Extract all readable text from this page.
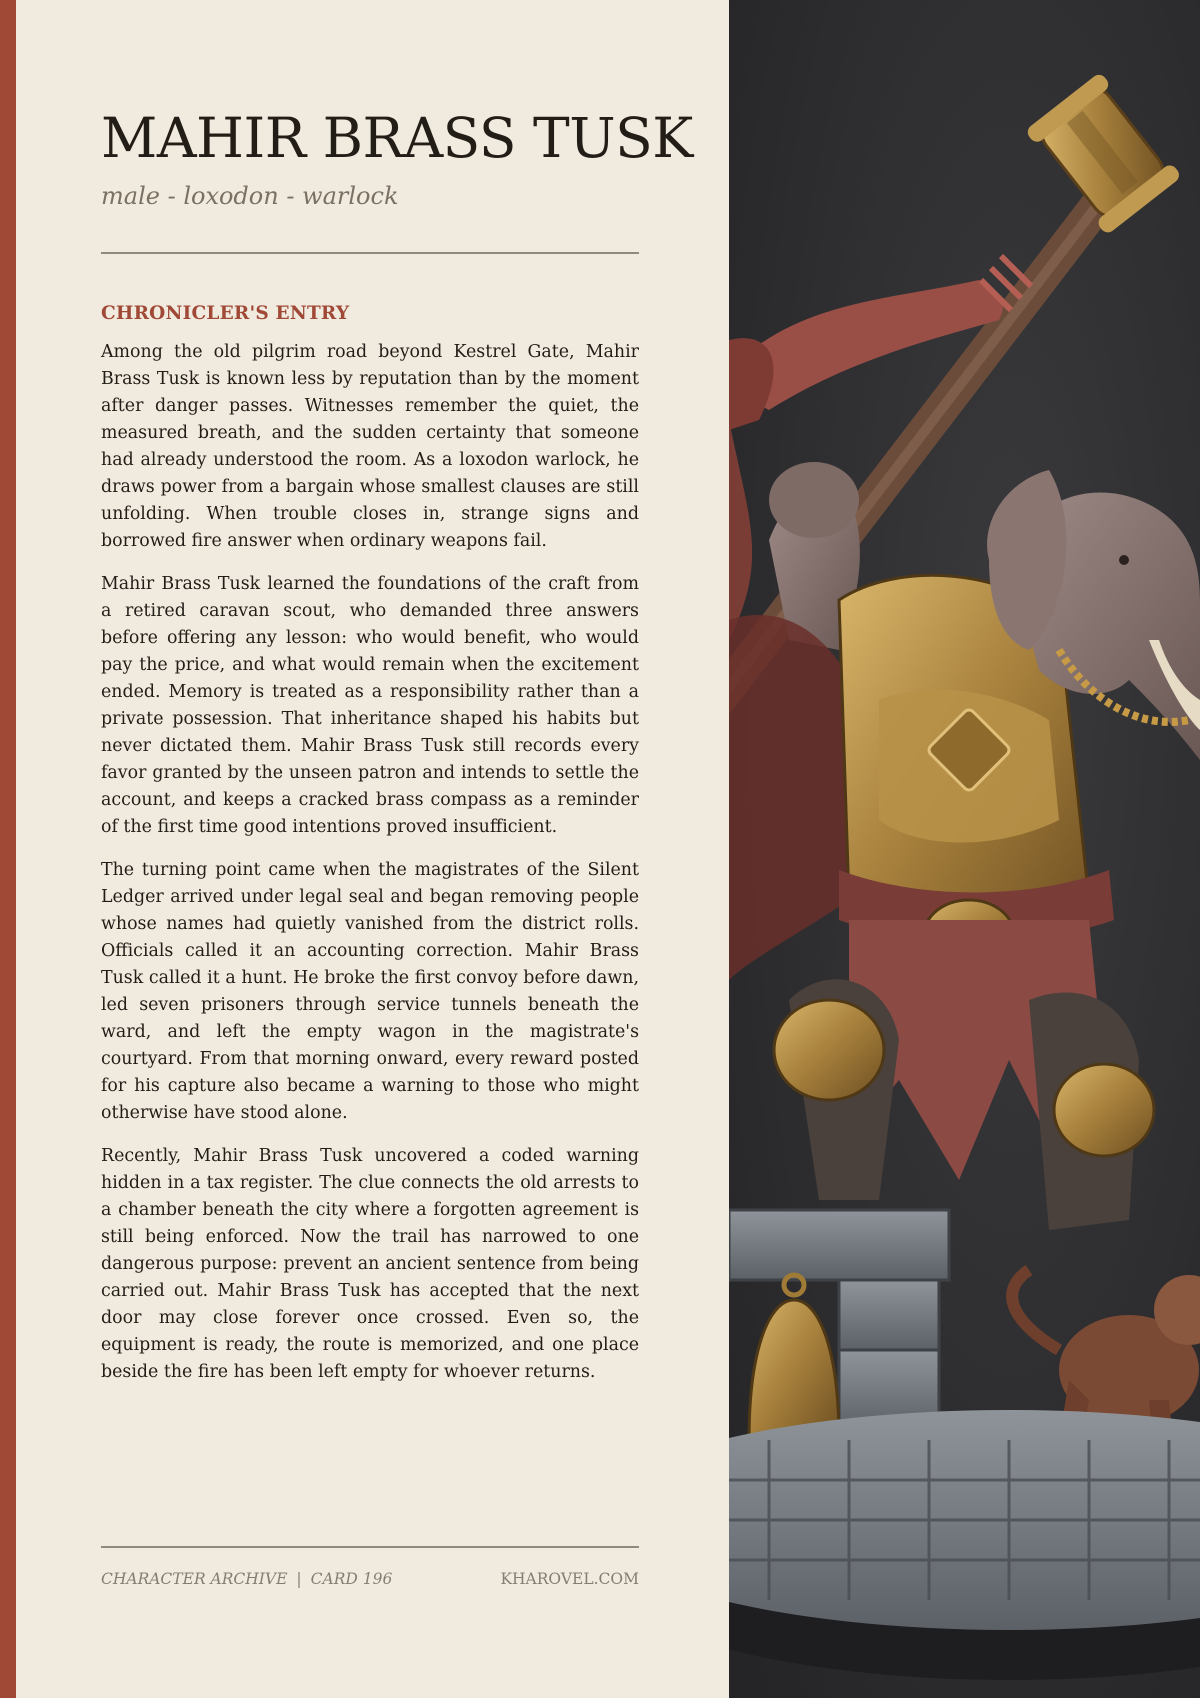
MAHIR BRASS TUSK
male - loxodon - warlock
CHRONICLER'S ENTRY

Among the old pilgrim road beyond Kestrel Gate, Mahir Brass Tusk is known less by reputation than by the moment after danger passes. Witnesses remember the quiet, the measured breath, and the sudden certainty that someone had already understood the room. As a loxodon warlock, he draws power from a bargain whose smallest clauses are still unfolding. When trouble closes in, strange signs and borrowed fire answer when ordinary weapons fail.

Mahir Brass Tusk learned the foundations of the craft from a retired caravan scout, who demanded three answers before offering any lesson: who would benefit, who would pay the price, and what would remain when the excitement ended. Memory is treated as a responsibility rather than a private possession. That inheritance shaped his habits but never dictated them. Mahir Brass Tusk still records every favor granted by the unseen patron and intends to settle the account, and keeps a cracked brass compass as a reminder of the first time good intentions proved insufficient.

The turning point came when the magistrates of the Silent Ledger arrived under legal seal and began removing people whose names had quietly vanished from the district rolls. Officials called it an accounting correction. Mahir Brass Tusk called it a hunt. He broke the first convoy before dawn, led seven prisoners through service tunnels beneath the ward, and left the empty wagon in the magistrate's courtyard. From that morning onward, every reward posted for his capture also became a warning to those who might otherwise have stood alone.

Recently, Mahir Brass Tusk uncovered a coded warning hidden in a tax register. The clue connects the old arrests to a chamber beneath the city where a forgotten agreement is still being enforced. Now the trail has narrowed to one dangerous purpose: prevent an ancient sentence from being carried out. Mahir Brass Tusk has accepted that the next door may close forever once crossed. Even so, the equipment is ready, the route is memorized, and one place beside the fire has been left empty for whoever returns.

CHARACTER ARCHIVE | CARD 196	KHAROVEL.COM
